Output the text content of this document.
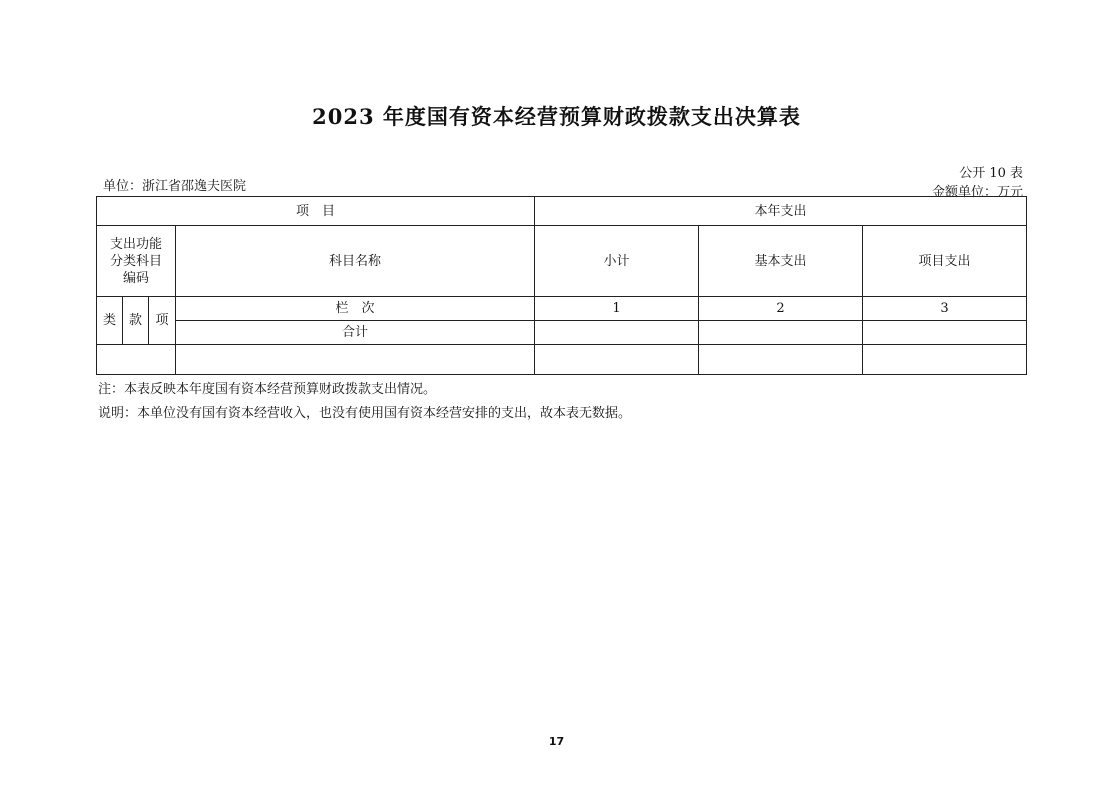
2023 年度国有资本经营预算财政拨款支出决算表
公开 10 表
单位：浙江省邵逸夫医院	金额单位：万元
项　目				本年支出		
支出功能
分类科目
编码			科目名称	小计	基本支出	项目支出
类	款	项	栏　次	1	2	3
			合计			

注：本表反映本年度国有资本经营预算财政拨款支出情况。
说明：本单位没有国有资本经营收入，也没有使用国有资本经营安排的支出，故本表无数据。
17
